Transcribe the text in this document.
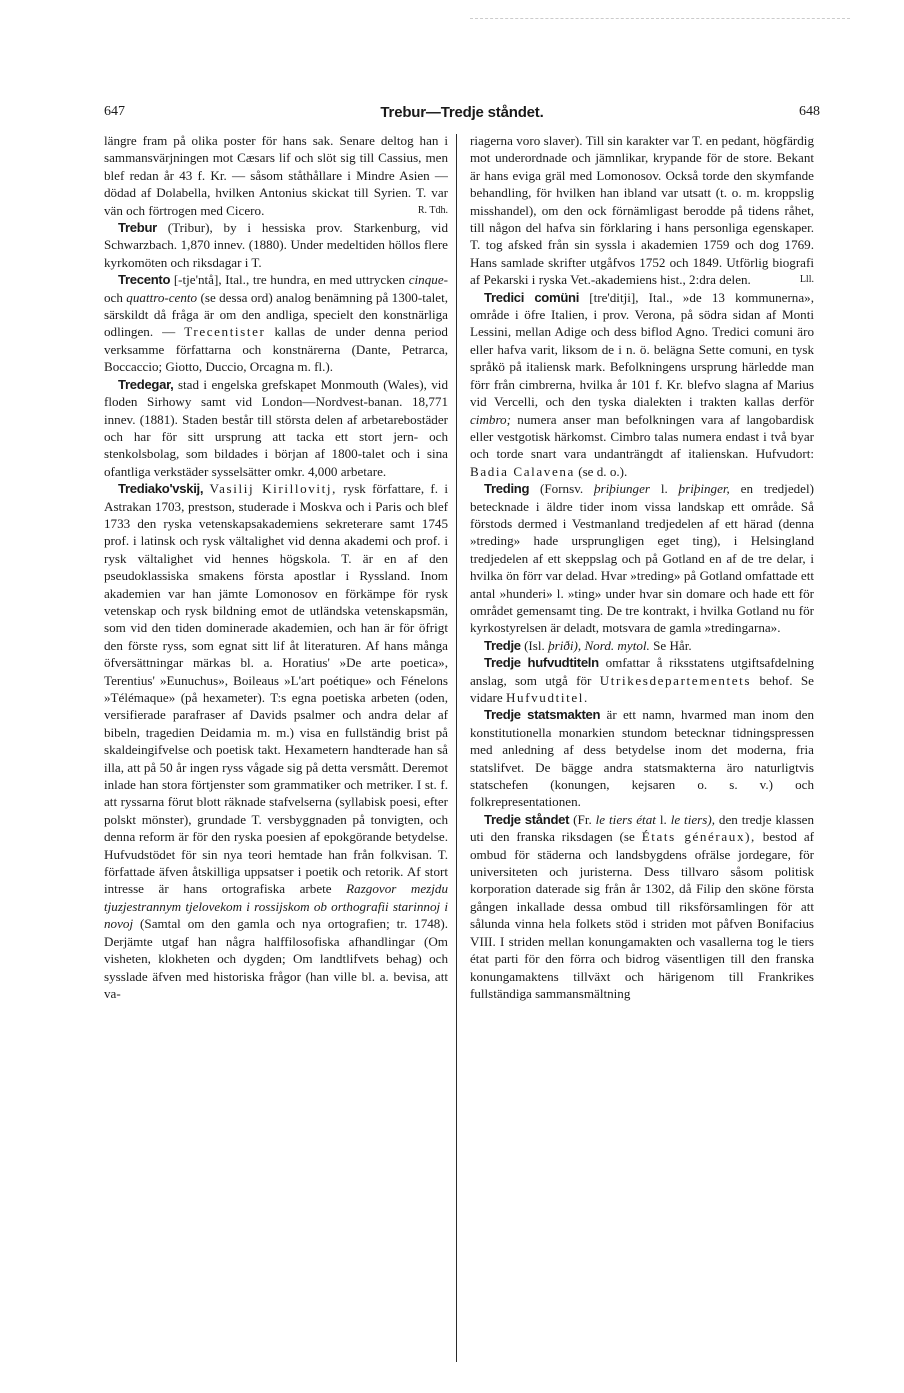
647	Trebur—Tredje ståndet.	648

längre fram på olika poster för hans sak. Senare deltog han i sammansvärjningen mot Cæsars lif och slöt sig till Cassius, men blef redan år 43 f. Kr. — såsom ståthållare i Mindre Asien — dödad af Dolabella, hvilken Antonius skickat till Syrien. T. var vän och förtrogen med Cicero.	R. Tdh.

Trebur (Tribur), by i hessiska prov. Starkenburg, vid Schwarzbach. 1,870 innev. (1880). Under medeltiden höllos flere kyrkomöten och riksdagar i T.

Trecento [-tje'ntå], Ital., tre hundra, en med uttrycken cinque- och quattro-cento (se dessa ord) analog benämning på 1300-talet, särskildt då fråga är om den andliga, specielt den konstnärliga odlingen. — Trecentister kallas de under denna period verksamme författarna och konstnärerna (Dante, Petrarca, Boccaccio; Giotto, Duccio, Orcagna m. fl.).

Tredegar, stad i engelska grefskapet Monmouth (Wales), vid floden Sirhowy samt vid London—Nordvest-banan. 18,771 innev. (1881). Staden består till största delen af arbetarebostäder och har för sitt ursprung att tacka ett stort jern- och stenkolsbolag, som bildades i början af 1800-talet och i sina ofantliga verkstäder sysselsätter omkr. 4,000 arbetare.

Trediako'vskij, Vasilij Kirillovitj, rysk författare, f. i Astrakan 1703, prestson, studerade i Moskva och i Paris och blef 1733 den ryska vetenskapsakademiens sekreterare samt 1745 prof. i latinsk och rysk vältalighet vid denna akademi och prof. i rysk vältalighet vid hennes högskola. T. är en af den pseudoklassiska smakens första apostlar i Ryssland. Inom akademien var han jämte Lomonosov en förkämpe för rysk vetenskap och rysk bildning emot de utländska vetenskapsmän, som vid den tiden dominerade akademien, och han är för öfrigt den förste ryss, som egnat sitt lif åt literaturen. Af hans många öfversättningar märkas bl. a. Horatius' »De arte poetica», Terentius' »Eunuchus», Boileaus »L'art poétique» och Fénelons »Télémaque» (på hexameter). T:s egna poetiska arbeten (oden, versifierade parafraser af Davids psalmer och andra delar af bibeln, tragedien Deidamia m. m.) visa en fullständig brist på skaldeingifvelse och poetisk takt. Hexametern handterade han så illa, att på 50 år ingen ryss vågade sig på detta versmått. Deremot inlade han stora förtjenster som grammatiker och metriker. I st. f. att ryssarna förut blott räknade stafvelserna (syllabisk poesi, efter polskt mönster), grundade T. versbyggnaden på tonvigten, och denna reform är för den ryska poesien af epokgörande betydelse. Hufvudstödet för sin nya teori hemtade han från folkvisan. T. författade äfven åtskilliga uppsatser i poetik och retorik. Af stort intresse är hans ortografiska arbete Razgovor mezjdu tjuzjestrannym tjelovekom i rossijskom ob orthografii starinnoj i novoj (Samtal om den gamla och nya ortografien; tr. 1748). Derjämte utgaf han några halffilosofiska afhandlingar (Om visheten, klokheten och dygden; Om landtlifvets behag) och sysslade äfven med historiska frågor (han ville bl. a. bevisa, att va-

riagerna voro slaver). Till sin karakter var T. en pedant, högfärdig mot underordnade och jämnlikar, krypande för de store. Bekant är hans eviga gräl med Lomonosov. Också torde den skymfande behandling, för hvilken han ibland var utsatt (t. o. m. kroppslig misshandel), om den ock förnämligast berodde på tidens råhet, till någon del hafva sin förklaring i hans personliga egenskaper. T. tog afsked från sin syssla i akademien 1759 och dog 1769. Hans samlade skrifter utgåfvos 1752 och 1849. Utförlig biografi af Pekarski i ryska Vet.-akademiens hist., 2:dra delen.	Lll.

Tredici comüni [tre'ditji], Ital., »de 13 kommunerna», område i öfre Italien, i prov. Verona, på södra sidan af Monti Lessini, mellan Adige och dess biflod Agno. Tredici comuni äro eller hafva varit, liksom de i n. ö. belägna Sette comuni, en tysk språkö på italiensk mark. Befolkningens ursprung härledde man förr från cimbrerna, hvilka år 101 f. Kr. blefvo slagna af Marius vid Vercelli, och den tyska dialekten i trakten kallas derför cimbro; numera anser man befolkningen vara af langobardisk eller vestgotisk härkomst. Cimbro talas numera endast i två byar och torde snart vara undanträngdt af italienskan. Hufvudort: Badia Calavena (se d. o.).

Treding (Fornsv. þriþiunger l. þriþinger, en tredjedel) betecknade i äldre tider inom vissa landskap ett område. Så förstods dermed i Vestmanland tredjedelen af ett härad (denna »treding» hade ursprungligen eget ting), i Helsingland tredjedelen af ett skeppslag och på Gotland en af de tre delar, i hvilka ön förr var delad. Hvar »treding» på Gotland omfattade ett antal »hunderi» l. »ting» under hvar sin domare och hade ett för området gemensamt ting. De tre kontrakt, i hvilka Gotland nu för kyrkostyrelsen är deladt, motsvara de gamla »tredingarna».

Tredje (Isl. þriði), Nord. mytol. Se Hår.

Tredje hufvudtiteln omfattar å riksstatens utgiftsafdelning anslag, som utgå för Utrikesdepartementets behof. Se vidare Hufvudtitel.

Tredje statsmakten är ett namn, hvarmed man inom den konstitutionella monarkien stundom betecknar tidningspressen med anledning af dess betydelse inom det moderna, fria statslifvet. De bägge andra statsmakterna äro naturligtvis statschefen (konungen, kejsaren o. s. v.) och folkrepresentationen.

Tredje ståndet (Fr. le tiers état l. le tiers), den tredje klassen uti den franska riksdagen (se États généraux), bestod af ombud för städerna och landsbygdens ofrälse jordegare, för universiteten och juristerna. Dess tillvaro såsom politisk korporation daterade sig från år 1302, då Filip den sköne första gången inkallade dessa ombud till riksförsamlingen för att sålunda vinna hela folkets stöd i striden mot påfven Bonifacius VIII. I striden mellan konungamakten och vasallerna tog le tiers état parti för den förra och bidrog väsentligen till den franska konungamaktens tillväxt och härigenom till Frankrikes fullständiga sammansmältning
